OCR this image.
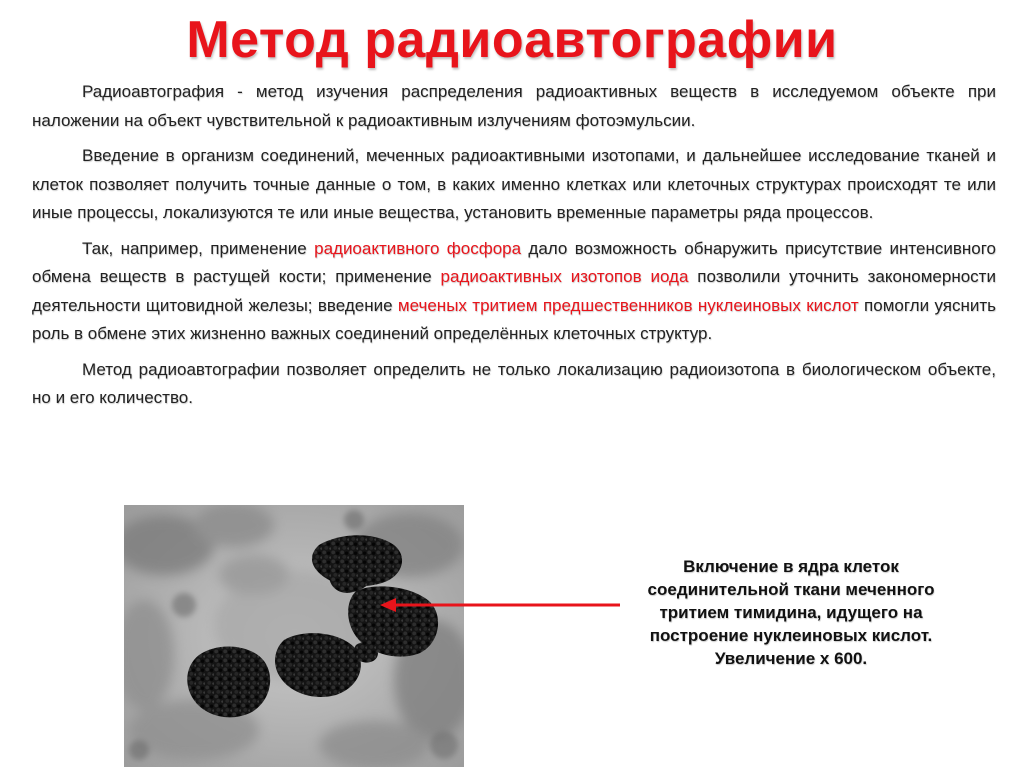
Метод радиоавтографии

Радиоавтография - метод изучения распределения радиоактивных веществ в исследуемом объекте при наложении на объект чувствительной к радиоактивным излучениям фотоэмульсии.

Введение в организм соединений, меченных радиоактивными изотопами, и дальнейшее исследование тканей и клеток позволяет получить точные данные о том, в каких именно клетках или клеточных структурах происходят те или иные процессы, локализуются те или иные вещества, установить временные параметры ряда процессов.

Так, например, применение радиоактивного фосфора дало возможность обнаружить присутствие интенсивного обмена веществ в растущей кости; применение радиоактивных изотопов иода позволили уточнить закономерности деятельности щитовидной железы; введение меченых тритием предшественников нуклеиновых кислот помогли уяснить роль в обмене этих жизненно важных соединений определённых клеточных структур.

Метод радиоавтографии позволяет определить не только локализацию радиоизотопа в биологическом объекте, но и его количество.

Включение в ядра клеток
соединительной ткани меченного
тритием тимидина, идущего на
построение нуклеиновых кислот.
Увеличение х 600.
